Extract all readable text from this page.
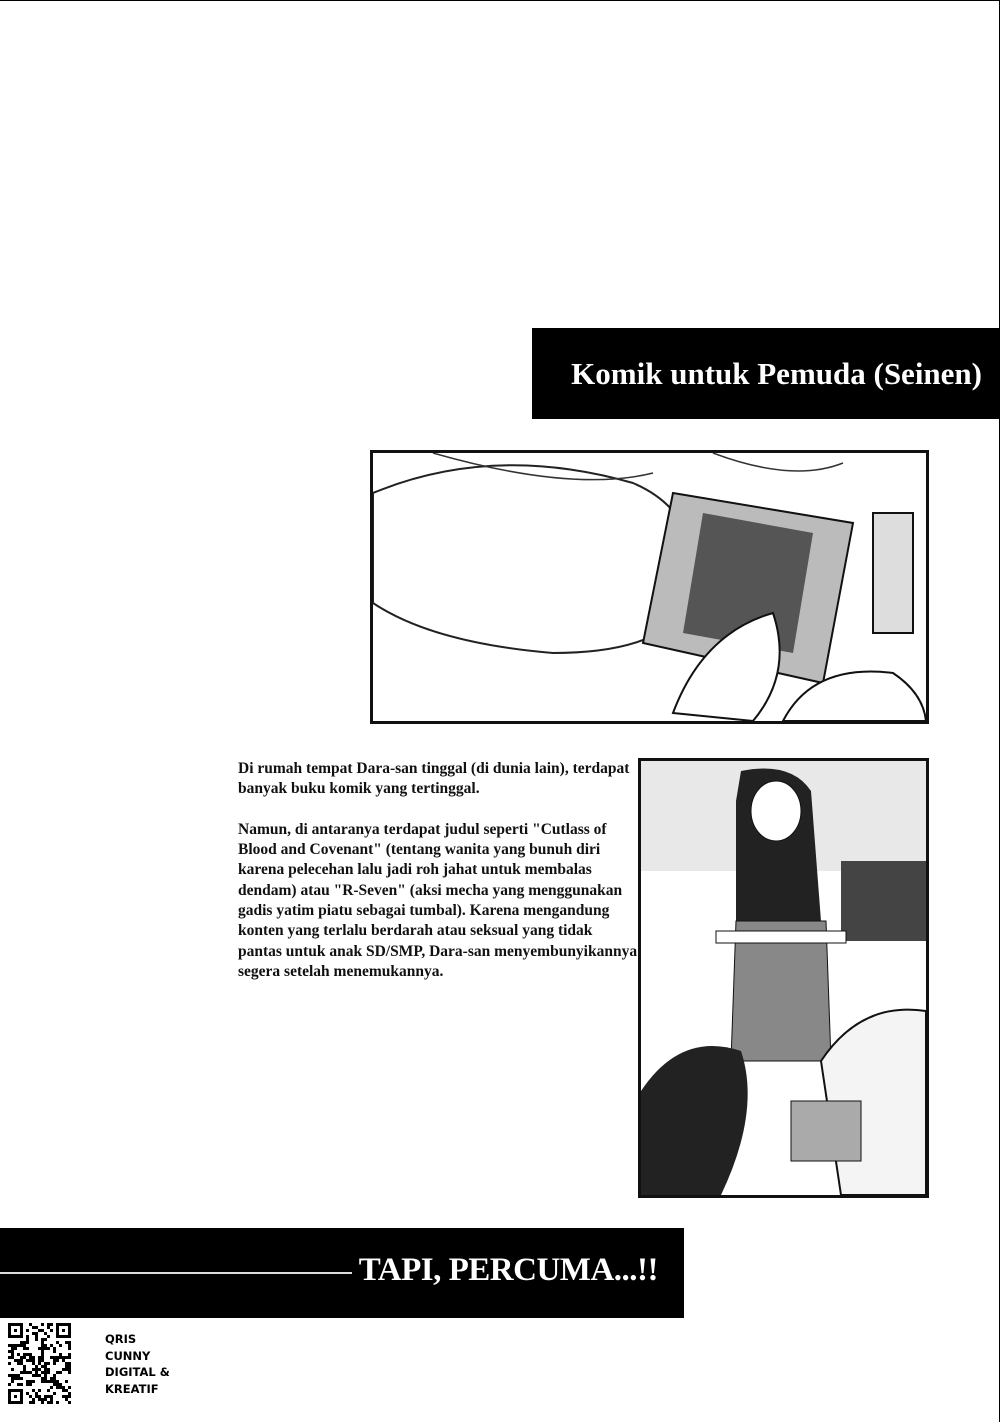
Komik untuk Pemuda (Seinen)

Di rumah tempat Dara-san tinggal (di dunia lain), terdapat banyak buku komik yang tertinggal.

Namun, di antaranya terdapat judul seperti "Cutlass of Blood and Covenant" (tentang wanita yang bunuh diri karena pelecehan lalu jadi roh jahat untuk membalas dendam) atau "R-Seven" (aksi mecha yang menggunakan gadis yatim piatu sebagai tumbal). Karena mengandung konten yang terlalu berdarah atau seksual yang tidak pantas untuk anak SD/SMP, Dara-san menyembunyikannya segera setelah menemukannya.

TAPI, PERCUMA...!!
QRIS
CUNNY
DIGITAL &
KREATIF
